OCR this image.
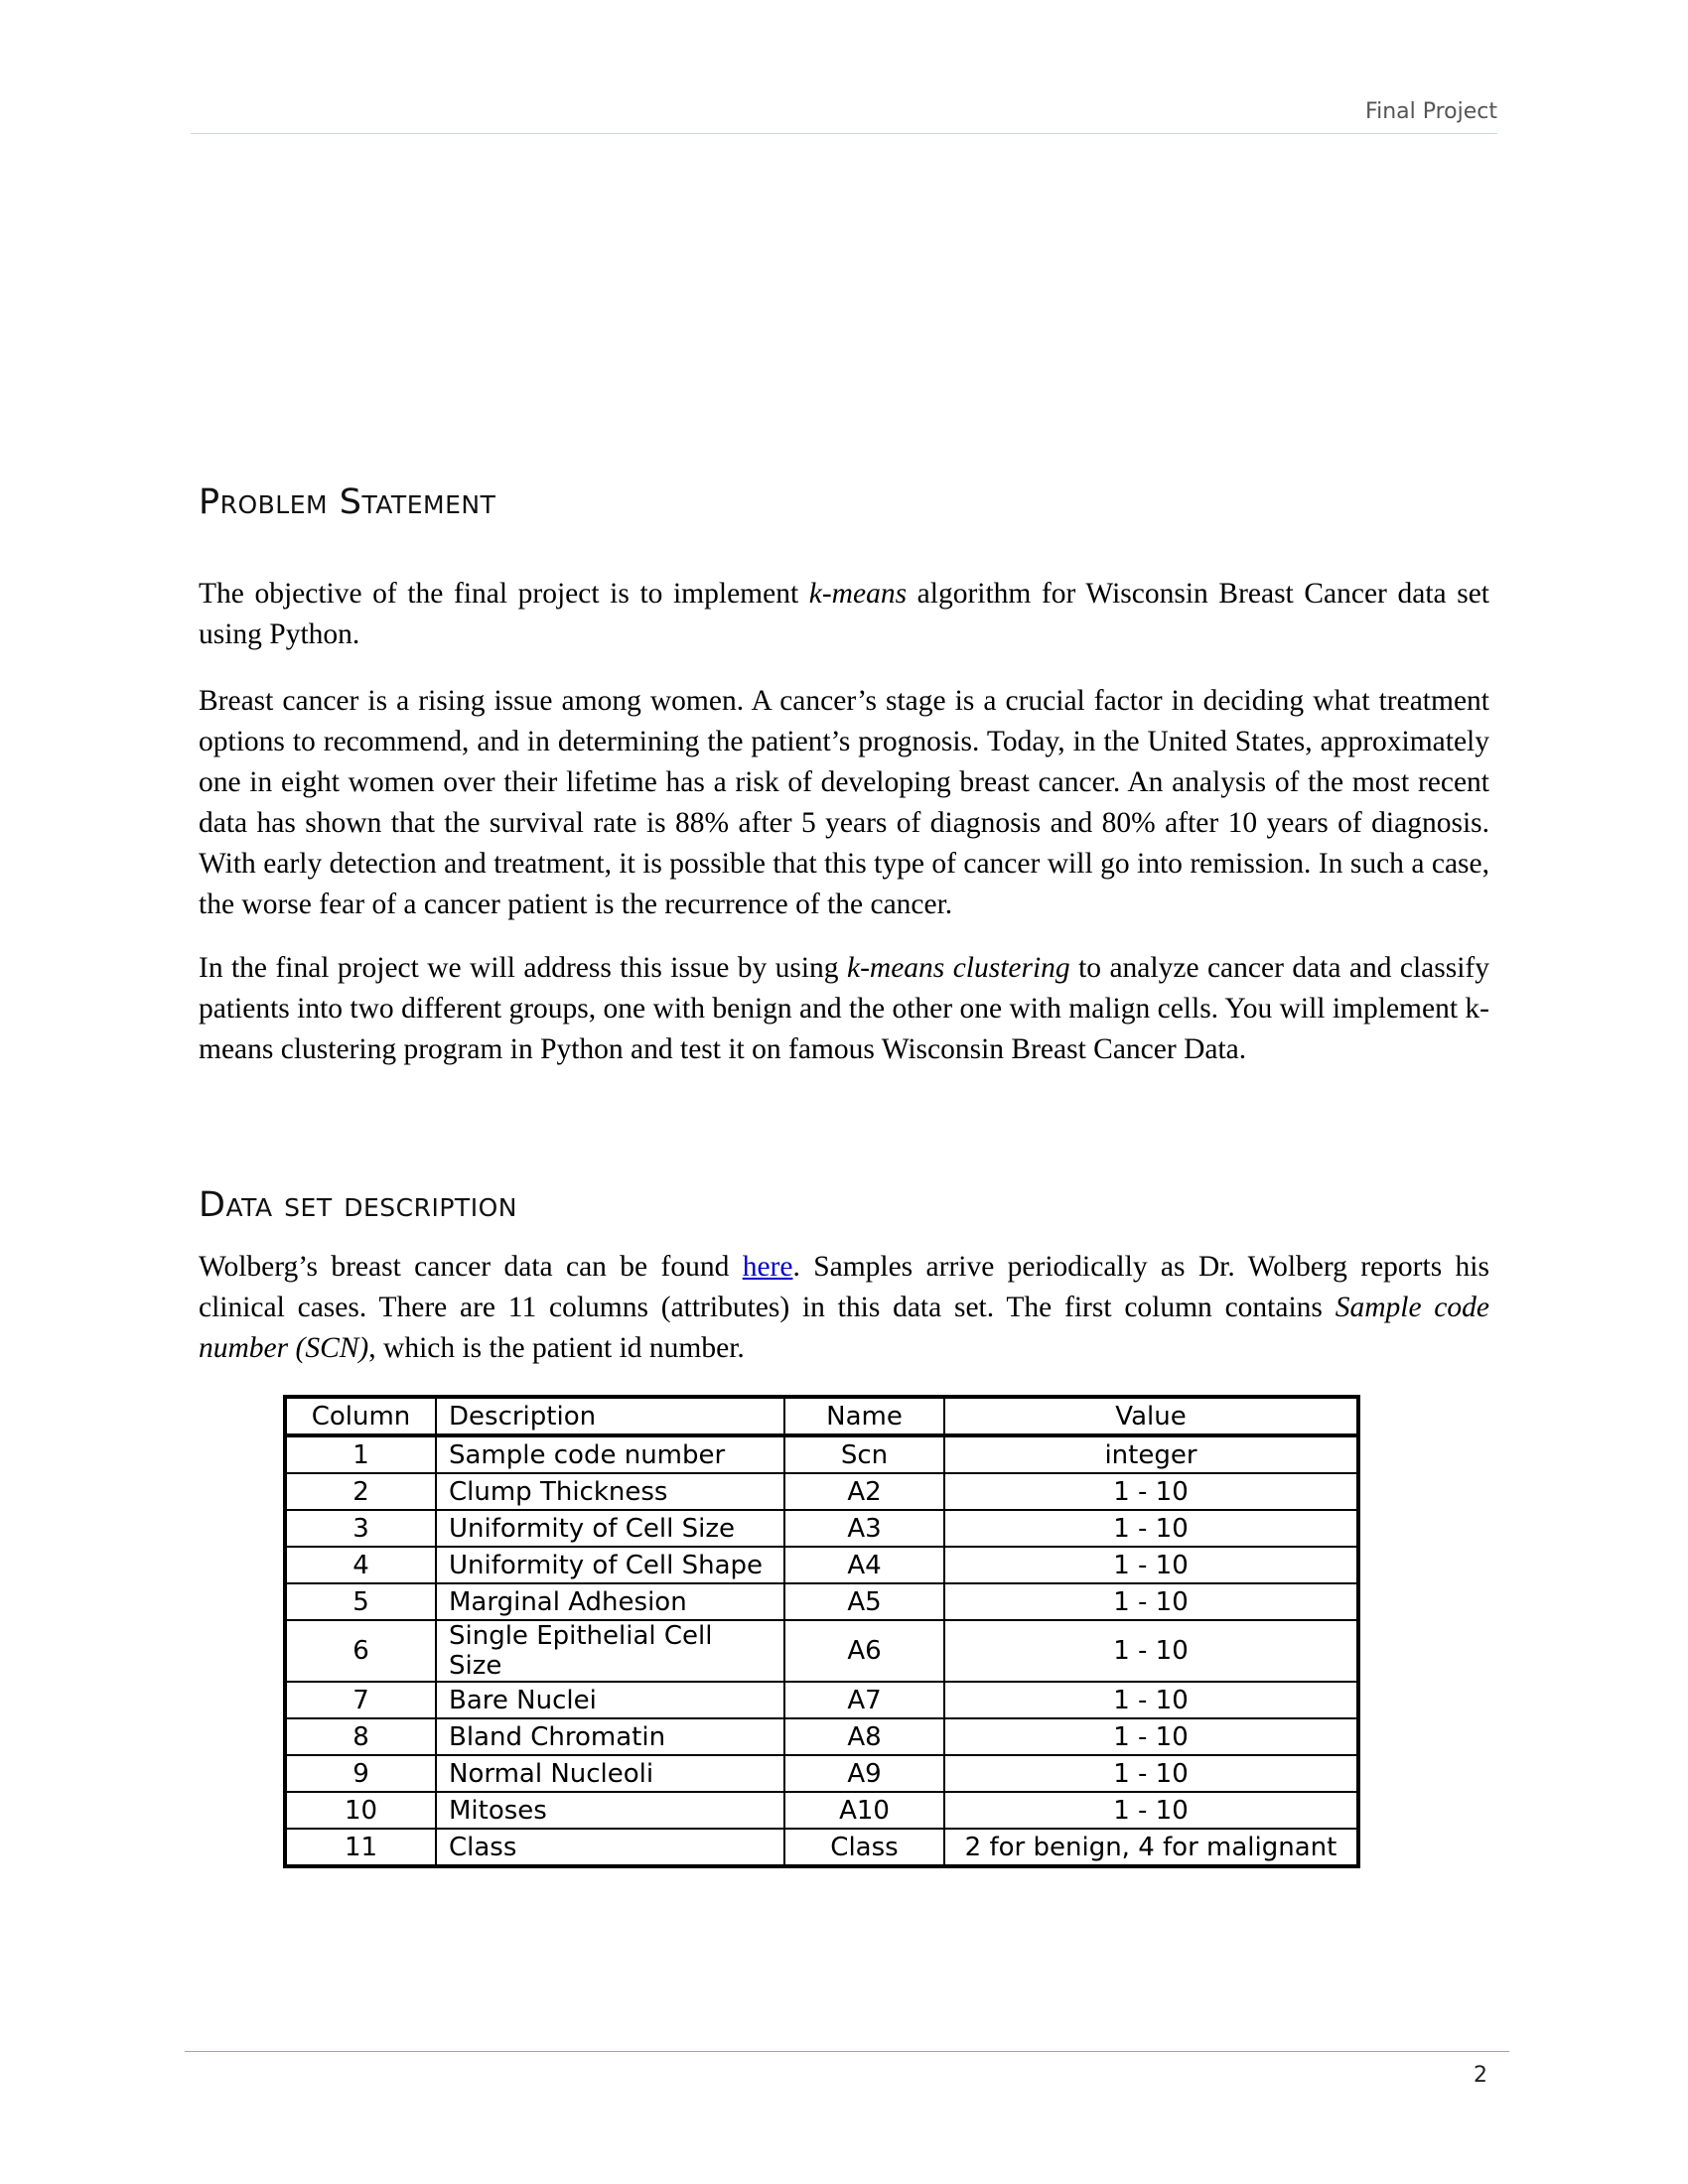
Final Project
Problem Statement

The objective of the final project is to implement k-means algorithm for Wisconsin Breast Cancer data set using Python.

Breast cancer is a rising issue among women. A cancer’s stage is a crucial factor in deciding what treatment options to recommend, and in determining the patient’s prognosis. Today, in the United States, approximately one in eight women over their lifetime has a risk of developing breast cancer. An analysis of the most recent data has shown that the survival rate is 88% after 5 years of diagnosis and 80% after 10 years of diagnosis. With early detection and treatment, it is possible that this type of cancer will go into remission. In such a case, the worse fear of a cancer patient is the recurrence of the cancer.

In the final project we will address this issue by using k-means clustering to analyze cancer data and classify patients into two different groups, one with benign and the other one with malign cells. You will implement k-means clustering program in Python and test it on famous Wisconsin Breast Cancer Data.

Data set description

Wolberg’s breast cancer data can be found here. Samples arrive periodically as Dr. Wolberg reports his clinical cases. There are 11 columns (attributes) in this data set. The first column contains Sample code number (SCN), which is the patient id number.

Column	Description	Name	Value
1	Sample code number	Scn	integer
2	Clump Thickness	A2	1 - 10
3	Uniformity of Cell Size	A3	1 - 10
4	Uniformity of Cell Shape	A4	1 - 10
5	Marginal Adhesion	A5	1 - 10
6	Single Epithelial Cell Size	A6	1 - 10
7	Bare Nuclei	A7	1 - 10
8	Bland Chromatin	A8	1 - 10
9	Normal Nucleoli	A9	1 - 10
10	Mitoses	A10	1 - 10
11	Class	Class	2 for benign, 4 for malignant
2
